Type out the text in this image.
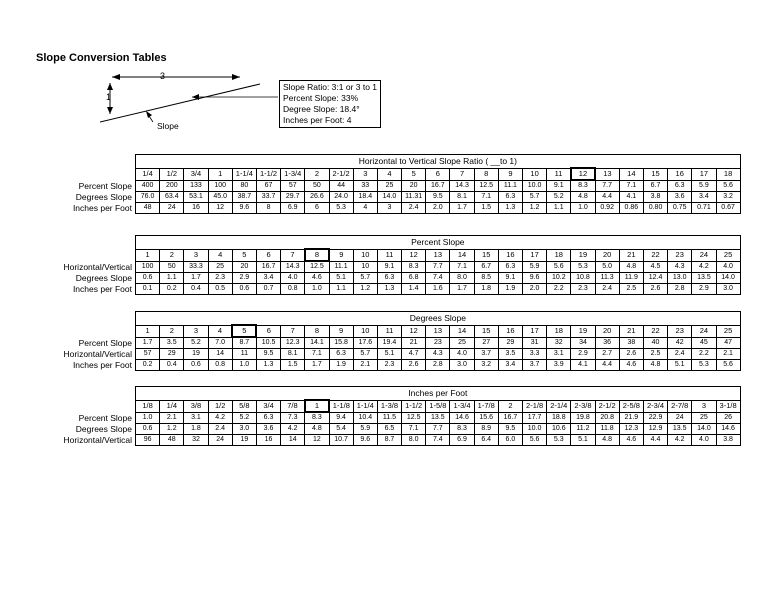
Slope Conversion Tables
3
1
Slope
Slope Ratio: 3:1 or 3 to 1
Percent Slope: 33%
Degree Slope: 18.4°
Inches per Foot: 4
	Horizontal to Vertical Slope Ratio ( __to 1)																								
	1/4	1/2	3/4	1	1-1/4	1-1/2	1-3/4	2	2-1/2	3	4	5	6	7	8	9	10	11	12	13	14	15	16	17	18
Percent Slope	400	200	133	100	80	67	57	50	44	33	25	20	16.7	14.3	12.5	11.1	10.0	9.1	8.3	7.7	7.1	6.7	6.3	5.9	5.6
Degrees Slope	76.0	63.4	53.1	45.0	38.7	33.7	29.7	26.6	24.0	18.4	14.0	11.31	9.5	8.1	7.1	6.3	5.7	5.2	4.8	4.4	4.1	3.8	3.6	3.4	3.2
Inches per Foot	48	24	16	12	9.6	8	6.9	6	5.3	4	3	2.4	2.0	1.7	1.5	1.3	1.2	1.1	1.0	0.92	0.86	0.80	0.75	0.71	0.67
	Percent Slope																								
	1	2	3	4	5	6	7	8	9	10	11	12	13	14	15	16	17	18	19	20	21	22	23	24	25
Horizontal/Vertical	100	50	33.3	25	20	16.7	14.3	12.5	11.1	10	9.1	8.3	7.7	7.1	6.7	6.3	5.9	5.6	5.3	5.0	4.8	4.5	4.3	4.2	4.0
Degrees Slope	0.6	1.1	1.7	2.3	2.9	3.4	4.0	4.6	5.1	5.7	6.3	6.8	7.4	8.0	8.5	9.1	9.6	10.2	10.8	11.3	11.9	12.4	13.0	13.5	14.0
Inches per Foot	0.1	0.2	0.4	0.5	0.6	0.7	0.8	1.0	1.1	1.2	1.3	1.4	1.6	1.7	1.8	1.9	2.0	2.2	2.3	2.4	2.5	2.6	2.8	2.9	3.0
	Degrees Slope																								
	1	2	3	4	5	6	7	8	9	10	11	12	13	14	15	16	17	18	19	20	21	22	23	24	25
Percent Slope	1.7	3.5	5.2	7.0	8.7	10.5	12.3	14.1	15.8	17.6	19.4	21	23	25	27	29	31	32	34	36	38	40	42	45	47
Horizontal/Vertical	57	29	19	14	11	9.5	8.1	7.1	6.3	5.7	5.1	4.7	4.3	4.0	3.7	3.5	3.3	3.1	2.9	2.7	2.6	2.5	2.4	2.2	2.1
Inches per Foot	0.2	0.4	0.6	0.8	1.0	1.3	1.5	1.7	1.9	2.1	2.3	2.6	2.8	3.0	3.2	3.4	3.7	3.9	4.1	4.4	4.6	4.8	5.1	5.3	5.6
	Inches per Foot																								
	1/8	1/4	3/8	1/2	5/8	3/4	7/8	1	1-1/8	1-1/4	1-3/8	1-1/2	1-5/8	1-3/4	1-7/8	2	2-1/8	2-1/4	2-3/8	2-1/2	2-5/8	2-3/4	2-7/8	3	3-1/8
Percent Slope	1.0	2.1	3.1	4.2	5.2	6.3	7.3	8.3	9.4	10.4	11.5	12.5	13.5	14.6	15.6	16.7	17.7	18.8	19.8	20.8	21.9	22.9	24	25	26
Degrees Slope	0.6	1.2	1.8	2.4	3.0	3.6	4.2	4.8	5.4	5.9	6.5	7.1	7.7	8.3	8.9	9.5	10.0	10.6	11.2	11.8	12.3	12.9	13.5	14.0	14.6
Horizontal/Vertical	96	48	32	24	19	16	14	12	10.7	9.6	8.7	8.0	7.4	6.9	6.4	6.0	5.6	5.3	5.1	4.8	4.6	4.4	4.2	4.0	3.8
